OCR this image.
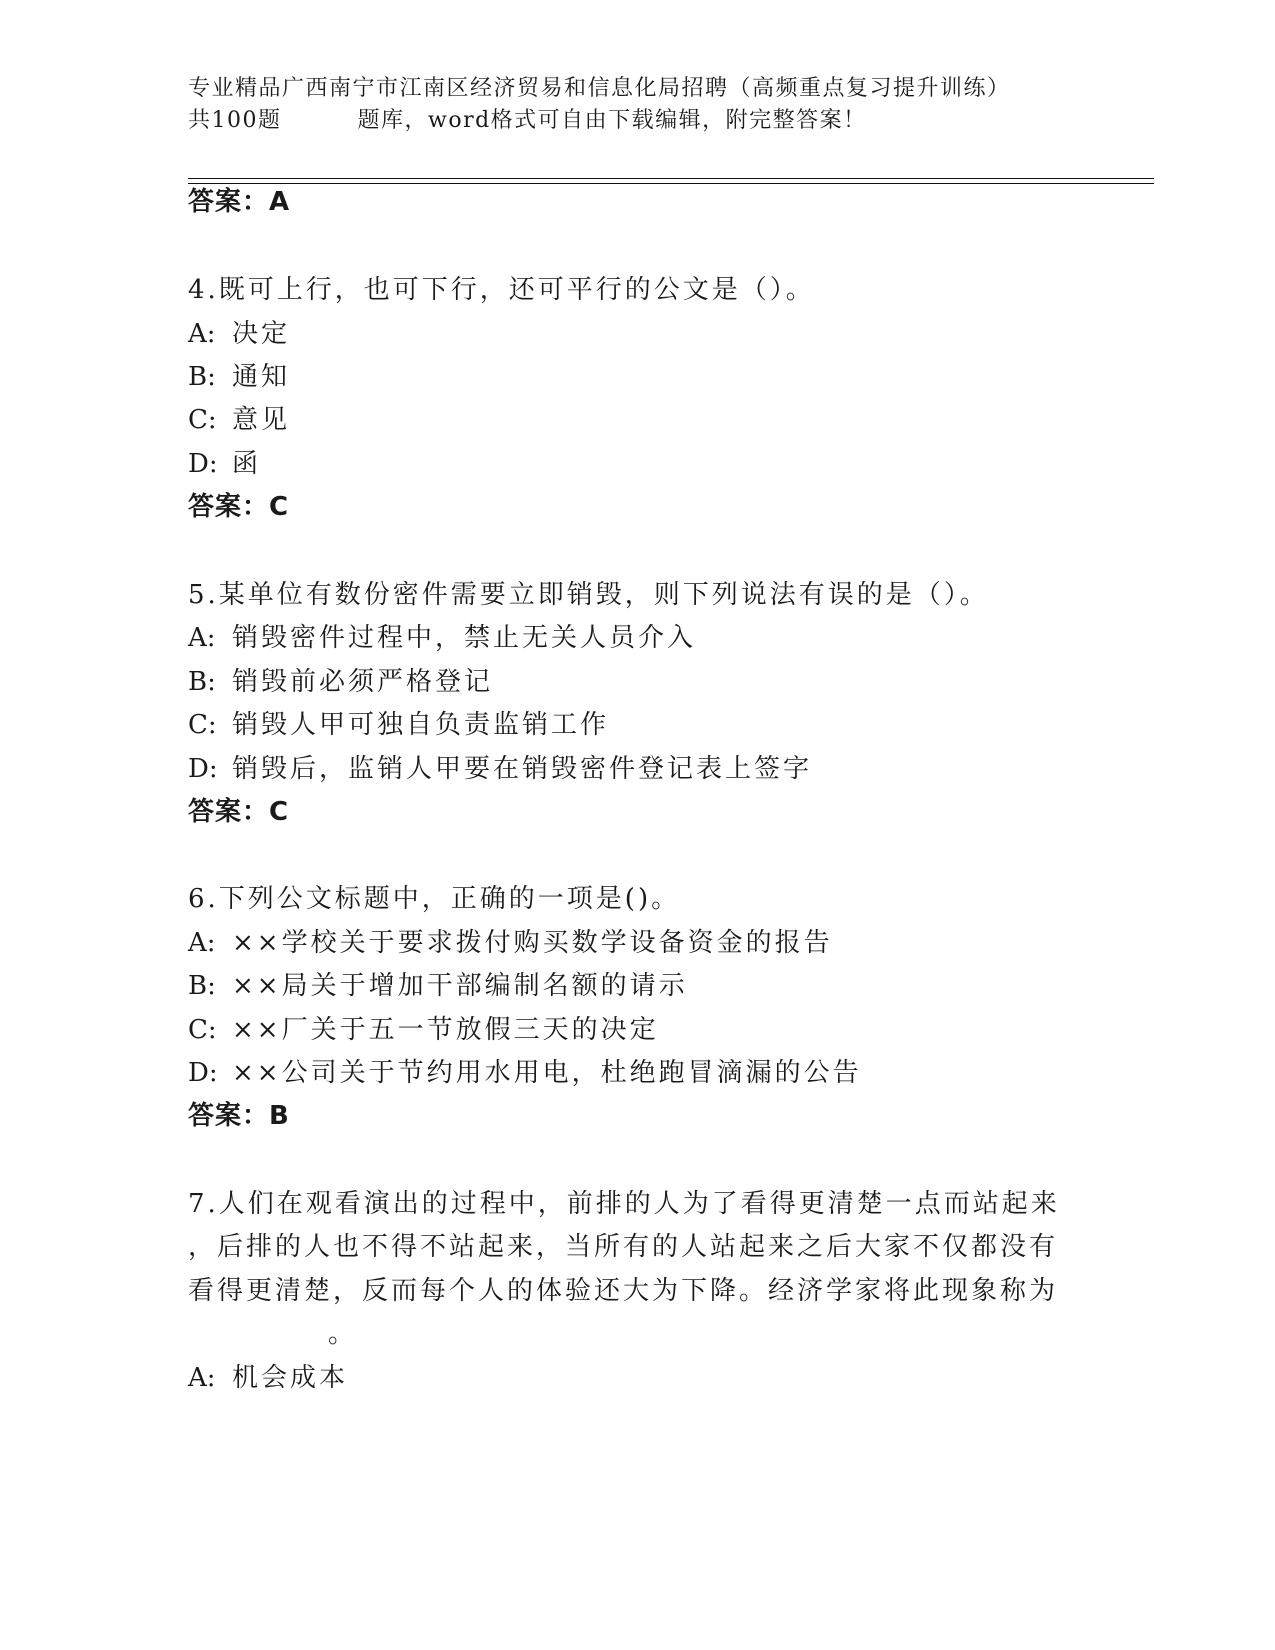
专业精品广西南宁市江南区经济贸易和信息化局招聘（高频重点复习提升训练）
共100题	题库，word格式可自由下载编辑，附完整答案！
答案：A
4.既可上行，也可下行，还可平行的公文是（）。
A: 决定
B: 通知
C: 意见
D: 函
答案：C
5.某单位有数份密件需要立即销毁，则下列说法有误的是（）。
A: 销毁密件过程中，禁止无关人员介入
B: 销毁前必须严格登记
C: 销毁人甲可独自负责监销工作
D: 销毁后，监销人甲要在销毁密件登记表上签字
答案：C
6.下列公文标题中，正确的一项是()。
A: ××学校关于要求拨付购买数学设备资金的报告
B: ××局关于增加干部编制名额的请示
C: ××厂关于五一节放假三天的决定
D: ××公司关于节约用水用电，杜绝跑冒滴漏的公告
答案：B
7.人们在观看演出的过程中，前排的人为了看得更清楚一点而站起来
，后排的人也不得不站起来，当所有的人站起来之后大家不仅都没有
看得更清楚，反而每个人的体验还大为下降。经济学家将此现象称为
。
A: 机会成本
